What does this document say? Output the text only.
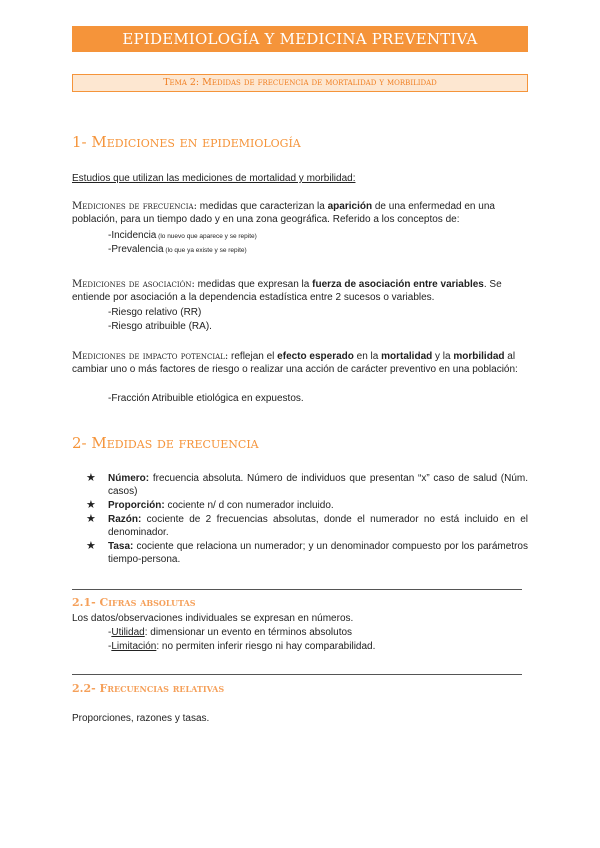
EPIDEMIOLOGÍA Y MEDICINA PREVENTIVA
Tema 2: Medidas de frecuencia de mortalidad y morbilidad
1- Mediciones en epidemiología

Estudios que utilizan las mediciones de mortalidad y morbilidad:

Mediciones de frecuencia: medidas que caracterizan la aparición de una enfermedad en una población, para un tiempo dado y en una zona geográfica. Referido a los conceptos de:

-Incidencia (lo nuevo que aparece y se repite)

-Prevalencia (lo que ya existe y se repite)

Mediciones de asociación: medidas que expresan la fuerza de asociación entre variables. Se entiende por asociación a la dependencia estadística entre 2 sucesos o variables.

-Riesgo relativo (RR)

-Riesgo atribuible (RA).

Mediciones de impacto potencial: reflejan el efecto esperado en la mortalidad y la morbilidad al cambiar uno o más factores de riesgo o realizar una acción de carácter preventivo en una población:

-Fracción Atribuible etiológica en expuestos.

2- Medidas de frecuencia
★ Número: frecuencia absoluta. Número de individuos que presentan “x” caso de salud (Núm. casos)
★ Proporción: cociente n/ d con numerador incluido.
★ Razón: cociente de 2 frecuencias absolutas, donde el numerador no está incluido en el denominador.
★ Tasa: cociente que relaciona un numerador; y un denominador compuesto por los parámetros tiempo-persona.
2.1- Cifras absolutas

Los datos/observaciones individuales se expresan en números.

-Utilidad: dimensionar un evento en términos absolutos

-Limitación: no permiten inferir riesgo ni hay comparabilidad.

2.2- Frecuencias relativas

Proporciones, razones y tasas.
